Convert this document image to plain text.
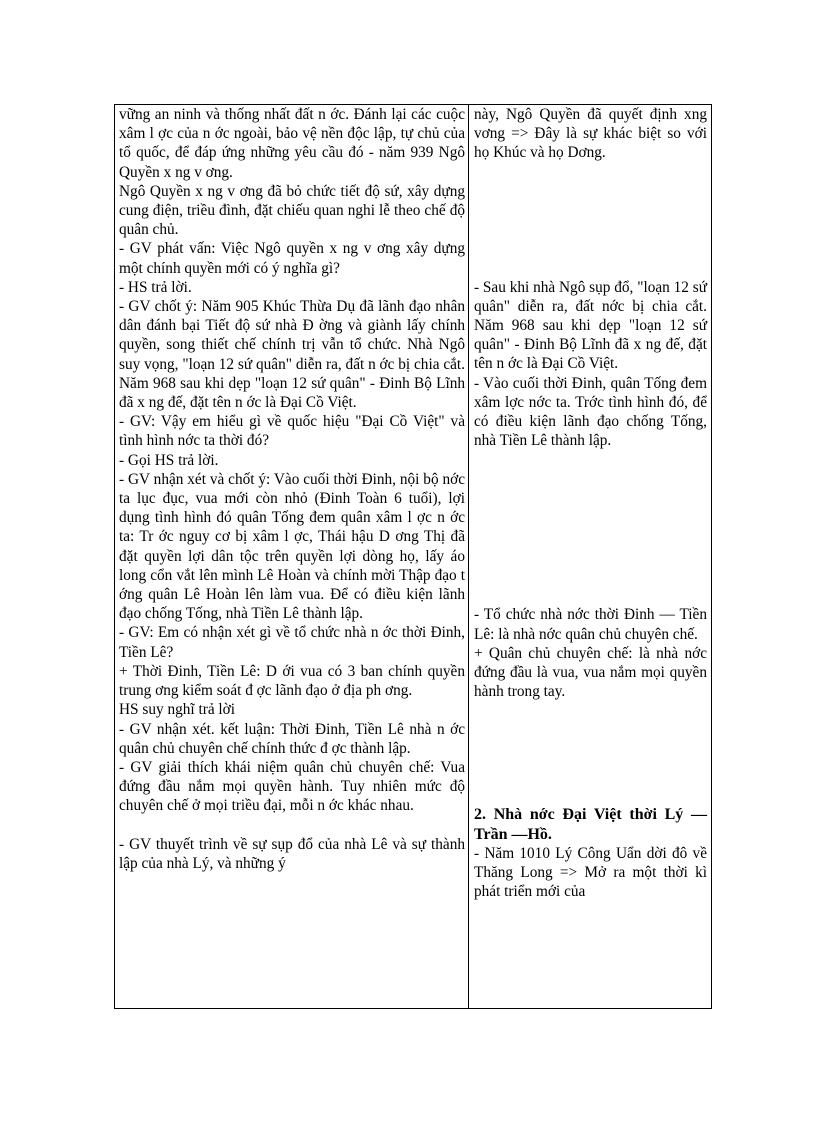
vững an ninh và thống nhất đất n ớc. Đánh lại các cuộc xâm l ợc của n ớc ngoài, bảo vệ nền độc lập, tự chủ của tổ quốc, để đáp ứng những yêu cầu đó - năm 939 Ngô Quyền x ng v ơng.

Ngô Quyền x ng v ơng đã bỏ chức tiết độ sứ, xây dựng cung điện, triều đình, đặt chiếu quan nghi lễ theo chế độ quân chủ.

- GV phát vấn: Việc Ngô quyền x ng v ơng xây dựng một chính quyền mới có ý nghĩa gì?

- HS trả lời.

- GV chốt ý: Năm 905 Khúc Thừa Dụ đã lãnh đạo nhân dân đánh bại Tiết độ sứ nhà Đ ờng và giành lấy chính quyền, song thiết chế chính trị vẫn tổ chức. Nhà Ngô suy vọng, "loạn 12 sứ quân" diễn ra, đất n ớc bị chia cắt. Năm 968 sau khi dẹp "loạn 12 sứ quân" - Đinh Bộ Lĩnh đã x ng đế, đặt tên n ớc là Đại Cồ Việt.

- GV: Vậy em hiểu gì về quốc hiệu "Đại Cồ Việt" và tình hình nớc ta thời đó?

- Gọi HS trả lời.

- GV nhận xét và chốt ý: Vào cuối thời Đinh, nội bộ nớc ta lục đục, vua mới còn nhỏ (Đinh Toàn 6 tuổi), lợi dụng tình hình đó quân Tống đem quân xâm l ợc n ớc ta: Tr ớc nguy cơ bị xâm l ợc, Thái hậu D ơng Thị đã đặt quyền lợi dân tộc trên quyền lợi dòng họ, lấy áo long cổn vắt lên mình Lê Hoàn và chính mời Thập đạo t ớng quân Lê Hoàn lên làm vua. Để có điều kiện lãnh đạo chống Tống, nhà Tiền Lê thành lập.

- GV: Em có nhận xét gì về tổ chức nhà n ớc thời Đinh, Tiền Lê?

+ Thời Đinh, Tiền Lê: D ới vua có 3 ban chính quyền trung ơng kiểm soát đ ợc lãnh đạo ở địa ph ơng.

HS suy nghĩ trả lời

- GV nhận xét. kết luận: Thời Đinh, Tiền Lê nhà n ớc quân chủ chuyên chế chính thức đ ợc thành lập.

- GV giải thích khái niệm quân chủ chuyên chế: Vua đứng đầu nắm mọi quyền hành. Tuy nhiên mức độ chuyên chế ở mọi triều đại, mỗi n ớc khác nhau.

- GV thuyết trình về sự sụp đổ của nhà Lê và sự thành lập của nhà Lý, và những ý

này, Ngô Quyền đã quyết định xng vơng => Đây là sự khác biệt so với họ Khúc và họ Dơng.

- Sau khi nhà Ngô sụp đổ, "loạn 12 sứ quân" diễn ra, đất nớc bị chia cắt. Năm 968 sau khi dẹp "loạn 12 sứ quân" - Đinh Bộ Lĩnh đã x ng đế, đặt tên n ớc là Đại Cồ Việt.

- Vào cuối thời Đinh, quân Tống đem xâm lợc nớc ta. Trớc tình hình đó, để có điều kiện lãnh đạo chống Tống, nhà Tiền Lê thành lập.

- Tổ chức nhà nớc thời Đinh — Tiền Lê: là nhà nớc quân chủ chuyên chế.

+ Quân chủ chuyên chế: là nhà nớc đứng đầu là vua, vua nắm mọi quyền hành trong tay.

2. Nhà nớc Đại Việt thời Lý —Trần —Hồ.

- Năm 1010 Lý Công Uẩn dời đô về Thăng Long => Mở ra một thời kì phát triển mới của
